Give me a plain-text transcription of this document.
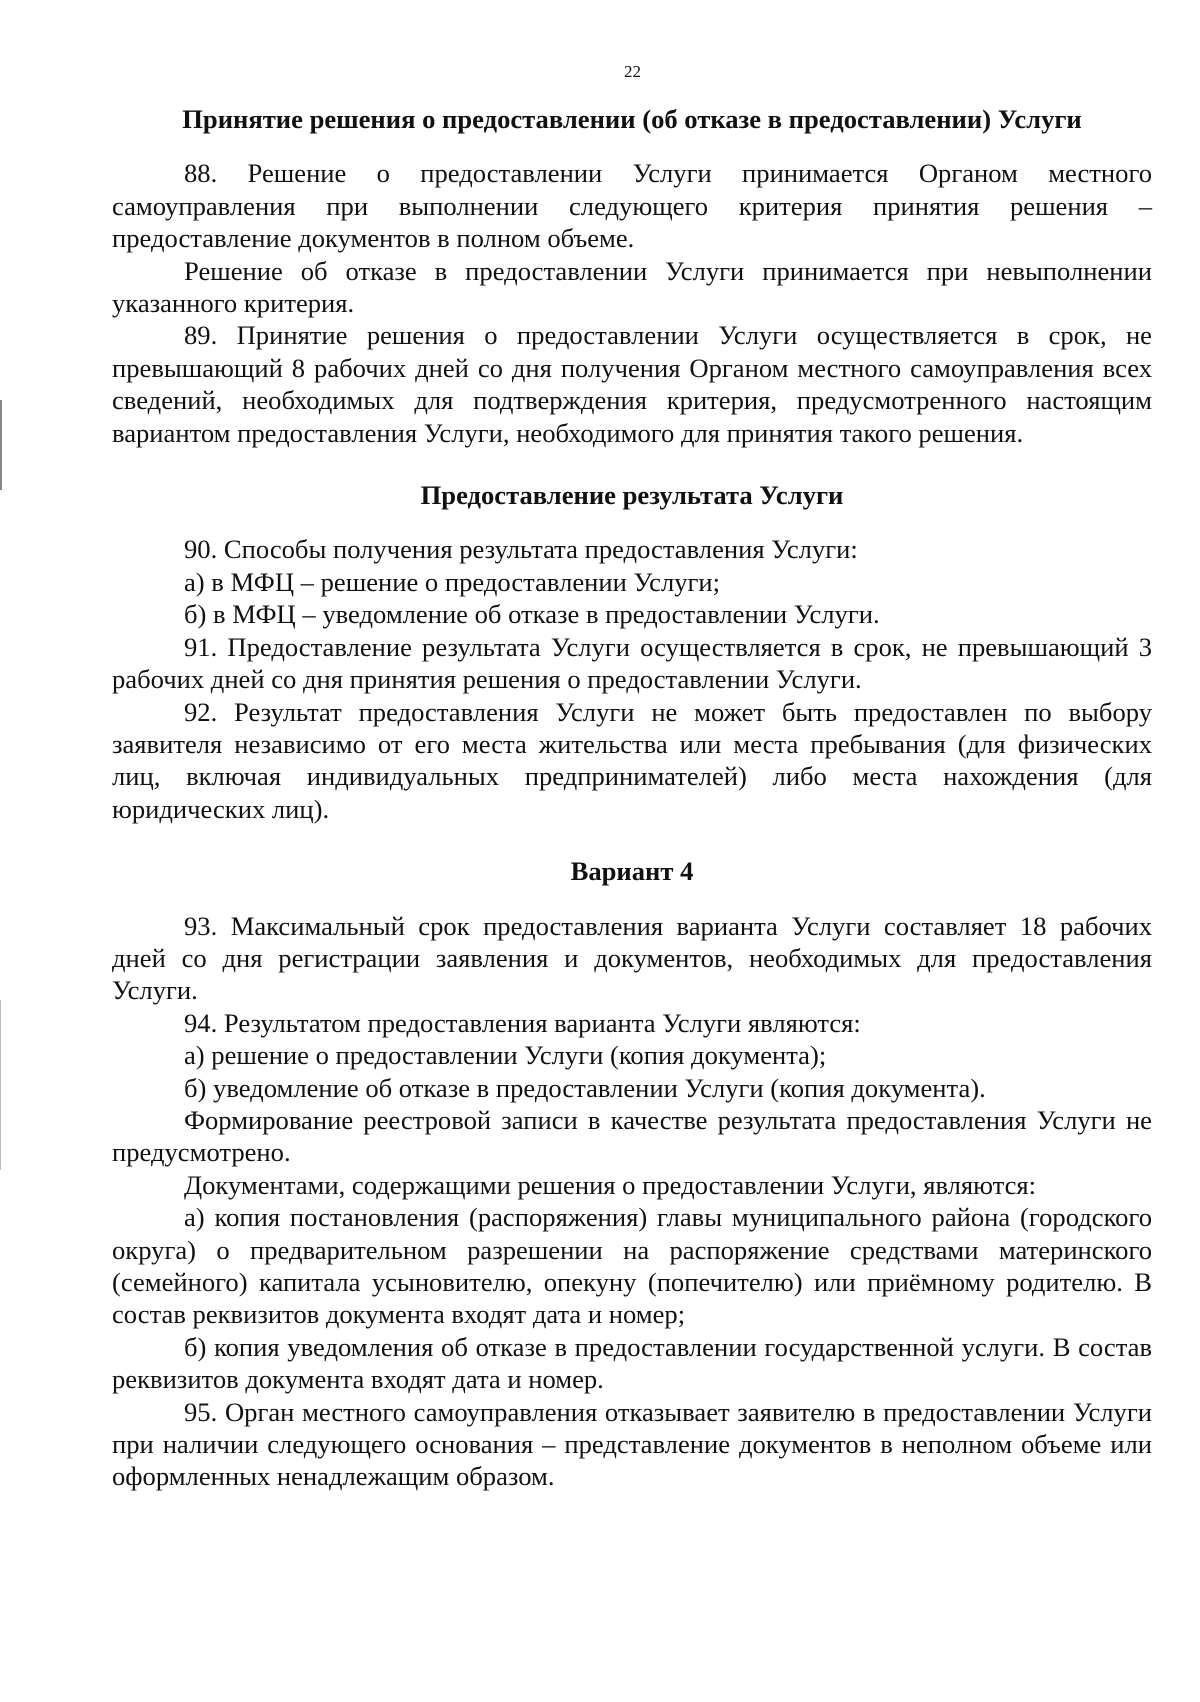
22
Принятие решения о предоставлении (об отказе в предоставлении) Услуги

88. Решение о предоставлении Услуги принимается Органом местного самоуправления при выполнении следующего критерия принятия решения – предоставление документов в полном объеме.

Решение об отказе в предоставлении Услуги принимается при невыполнении указанного критерия.

89. Принятие решения о предоставлении Услуги осуществляется в срок, не превышающий 8 рабочих дней со дня получения Органом местного самоуправления всех сведений, необходимых для подтверждения критерия, предусмотренного настоящим вариантом предоставления Услуги, необходимого для принятия такого решения.

Предоставление результата Услуги

90. Способы получения результата предоставления Услуги:

а) в МФЦ – решение о предоставлении Услуги;

б) в МФЦ – уведомление об отказе в предоставлении Услуги.

91. Предоставление результата Услуги осуществляется в срок, не превышающий 3 рабочих дней со дня принятия решения о предоставлении Услуги.

92. Результат предоставления Услуги не может быть предоставлен по выбору заявителя независимо от его места жительства или места пребывания (для физических лиц, включая индивидуальных предпринимателей) либо места нахождения (для юридических лиц).

Вариант 4

93. Максимальный срок предоставления варианта Услуги составляет 18 рабочих дней со дня регистрации заявления и документов, необходимых для предоставления Услуги.

94. Результатом предоставления варианта Услуги являются:

а) решение о предоставлении Услуги (копия документа);

б) уведомление об отказе в предоставлении Услуги (копия документа).

Формирование реестровой записи в качестве результата предоставления Услуги не предусмотрено.

Документами, содержащими решения о предоставлении Услуги, являются:

а) копия постановления (распоряжения) главы муниципального района (городского округа) о предварительном разрешении на распоряжение средствами материнского (семейного) капитала усыновителю, опекуну (попечителю) или приёмному родителю. В состав реквизитов документа входят дата и номер;

б) копия уведомления об отказе в предоставлении государственной услуги. В состав реквизитов документа входят дата и номер.

95. Орган местного самоуправления отказывает заявителю в предоставлении Услуги при наличии следующего основания – представление документов в неполном объеме или оформленных ненадлежащим образом.
